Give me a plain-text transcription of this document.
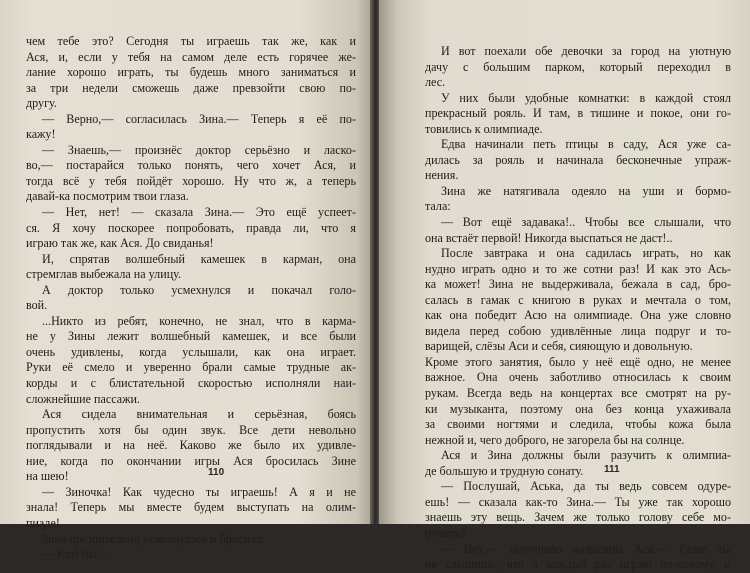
чем тебе это? Сегодня ты играешь так же, как и
Ася, и, если у тебя на самом деле есть горячее же-
лание хорошо играть, ты будешь много заниматься и
за три недели сможешь даже превзойти свою по-
другу.
— Верно,— согласилась Зина.— Теперь я её по-
кажу!
— Знаешь,— произнёс доктор серьёзно и ласко-
во,— постарайся только понять, чего хочет Ася, и
тогда всё у тебя пойдёт хорошо. Ну что ж, а теперь
давай-ка посмотрим твои глаза.
— Нет, нет! — сказала Зина.— Это ещё успеет-
ся. Я хочу поскорее попробовать, правда ли, что я
играю так же, как Ася. До свиданья!
И, спрятав волшебный камешек в карман, она
стремглав выбежала на улицу.
А доктор только усмехнулся и покачал голо-
вой.
...Никто из ребят, конечно, не знал, что в карма-
не у Зины лежит волшебный камешек, и все были
очень удивлены, когда услышали, как она играет.
Руки её смело и уверенно брали самые трудные ак-
корды и с блистательной скоростью исполняли наи-
сложнейшие пассажи.
Ася сидела внимательная и серьёзная, боясь
пропустить хотя бы один звук. Все дети невольно
поглядывали и на неё. Каково же было их удивле-
ние, когда по окончании игры Ася бросилась Зине
на шею!
— Зиночка! Как чудесно ты играешь! А я и не
знала! Теперь мы вместе будем выступать на олим-
пиаде!
Зина презрительно усмехнулась и бросила:
— Ещё бы!..
110
И вот поехали обе девочки за город на уютную
дачу с большим парком, который переходил в
лес.
У них были удобные комнатки: в каждой стоял
прекрасный рояль. И там, в тишине и покое, они го-
товились к олимпиаде.
Едва начинали петь птицы в саду, Ася уже са-
дилась за рояль и начинала бесконечные упраж-
нения.
Зина же натягивала одеяло на уши и бормо-
тала:
— Вот ещё задавака!.. Чтобы все слышали, что
она встаёт первой! Никогда выспаться не даст!..
После завтрака и она садилась играть, но как
нудно играть одно и то же сотни раз! И как это Ась-
ка может! Зина не выдерживала, бежала в сад, бро-
салась в гамак с книгою в руках и мечтала о том,
как она победит Асю на олимпиаде. Она уже словно
видела перед собою удивлённые лица подруг и то-
варищей, слёзы Аси и себя, сияющую и довольную.
Кроме этого занятия, было у неё ещё одно, не менее
важное. Она очень заботливо относилась к своим
рукам. Всегда ведь на концертах все смотрят на ру-
ки музыканта, поэтому она без конца ухаживала
за своими ногтями и следила, чтобы кожа была
нежной и, чего доброго, не загорела бы на солнце.
Ася и Зина должны были разучить к олимпиа-
де большую и трудную сонату.
— Послушай, Аська, да ты ведь совсем одуре-
ешь! — сказала как-то Зина.— Ты уже так хорошо
знаешь эту вещь. Зачем же только голову себе мо-
рочить?
— Нет,— задумчиво возразила Ася.— Разве ты
не слышишь, что я каждый раз играю по-новому, и
111
